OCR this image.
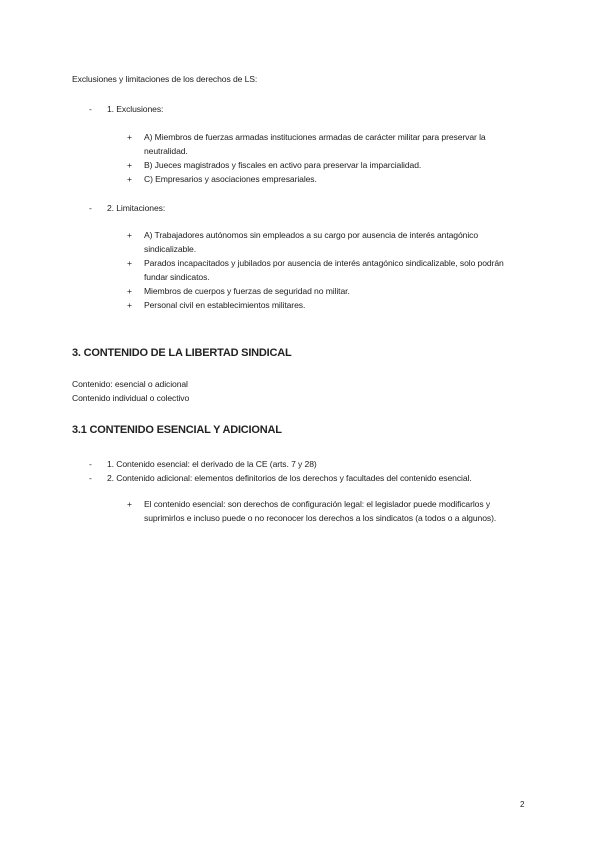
Exclusiones y limitaciones de los derechos de LS:
- 1. Exclusiones:
+ A) Miembros de fuerzas armadas instituciones armadas de carácter militar para preservar la neutralidad.
+ B) Jueces magistrados y fiscales en activo para preservar la imparcialidad.
+ C) Empresarios y asociaciones empresariales.
- 2. Limitaciones:
+ A) Trabajadores autónomos sin empleados a su cargo por ausencia de interés antagónico sindicalizable.
+ Parados incapacitados y jubilados por ausencia de interés antagónico sindicalizable, solo podrán fundar sindicatos.
+ Miembros de cuerpos y fuerzas de seguridad no militar.
+ Personal civil en establecimientos militares.
3. CONTENIDO DE LA LIBERTAD SINDICAL
Contenido: esencial o adicional
Contenido individual o colectivo
3.1 CONTENIDO ESENCIAL Y ADICIONAL
- 1. Contenido esencial: el derivado de la CE (arts. 7 y 28)
- 2. Contenido adicional: elementos definitorios de los derechos y facultades del contenido esencial.
+ El contenido esencial: son derechos de configuración legal: el legislador puede modificarlos y suprimirlos e incluso puede o no reconocer los derechos a los sindicatos (a todos o a algunos).
2
